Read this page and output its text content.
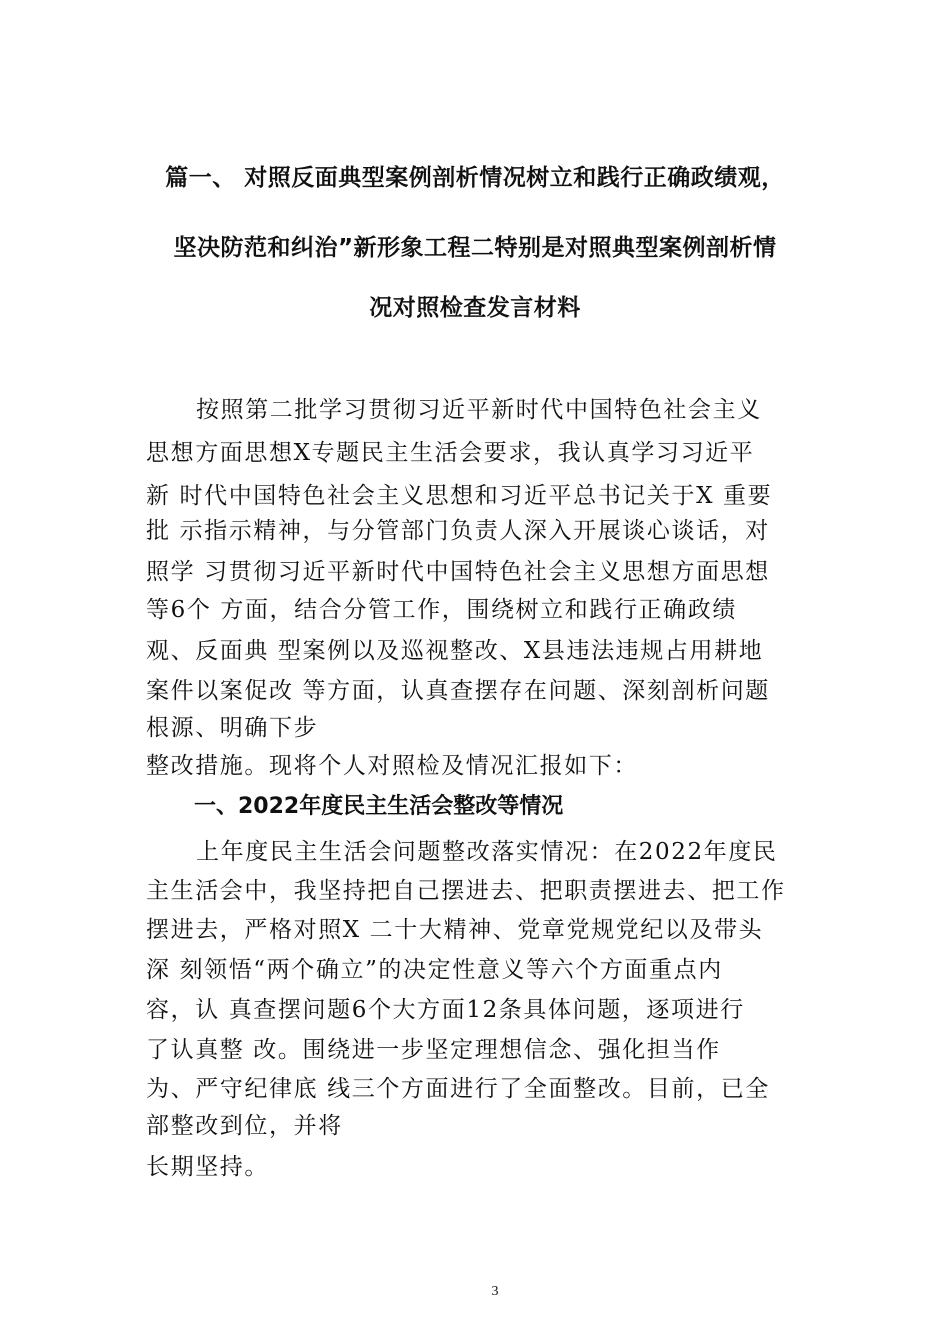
篇一、 对照反面典型案例剖析情况树立和践行正确政绩观，
坚决防范和纠治”新形象工程二特别是对照典型案例剖析情
况对照检查发言材料
按照第二批学习贯彻习近平新时代中国特色社会主义
思想方面思想X专题民主生活会要求，我认真学习习近平
新 时代中国特色社会主义思想和习近平总书记关于X 重要
批 示指示精神，与分管部门负责人深入开展谈心谈话，对
照学 习贯彻习近平新时代中国特色社会主义思想方面思想
等6个 方面，结合分管工作，围绕树立和践行正确政绩
观、反面典 型案例以及巡视整改、X县违法违规占用耕地
案件以案促改 等方面，认真查摆存在问题、深刻剖析问题
根源、明确下步
整改措施。现将个人对照检及情况汇报如下：
一、2022年度民主生活会整改等情况
上年度民主生活会问题整改落实情况：在2022年度民
主生活会中，我坚持把自己摆进去、把职责摆进去、把工作
摆进去，严格对照X 二十大精神、党章党规党纪以及带头
深 刻领悟“两个确立”的决定性意义等六个方面重点内
容，认 真查摆问题6个大方面12条具体问题，逐项进行
了认真整 改。围绕进一步坚定理想信念、强化担当作
为、严守纪律底 线三个方面进行了全面整改。目前，已全
部整改到位，并将
长期坚持。
3
